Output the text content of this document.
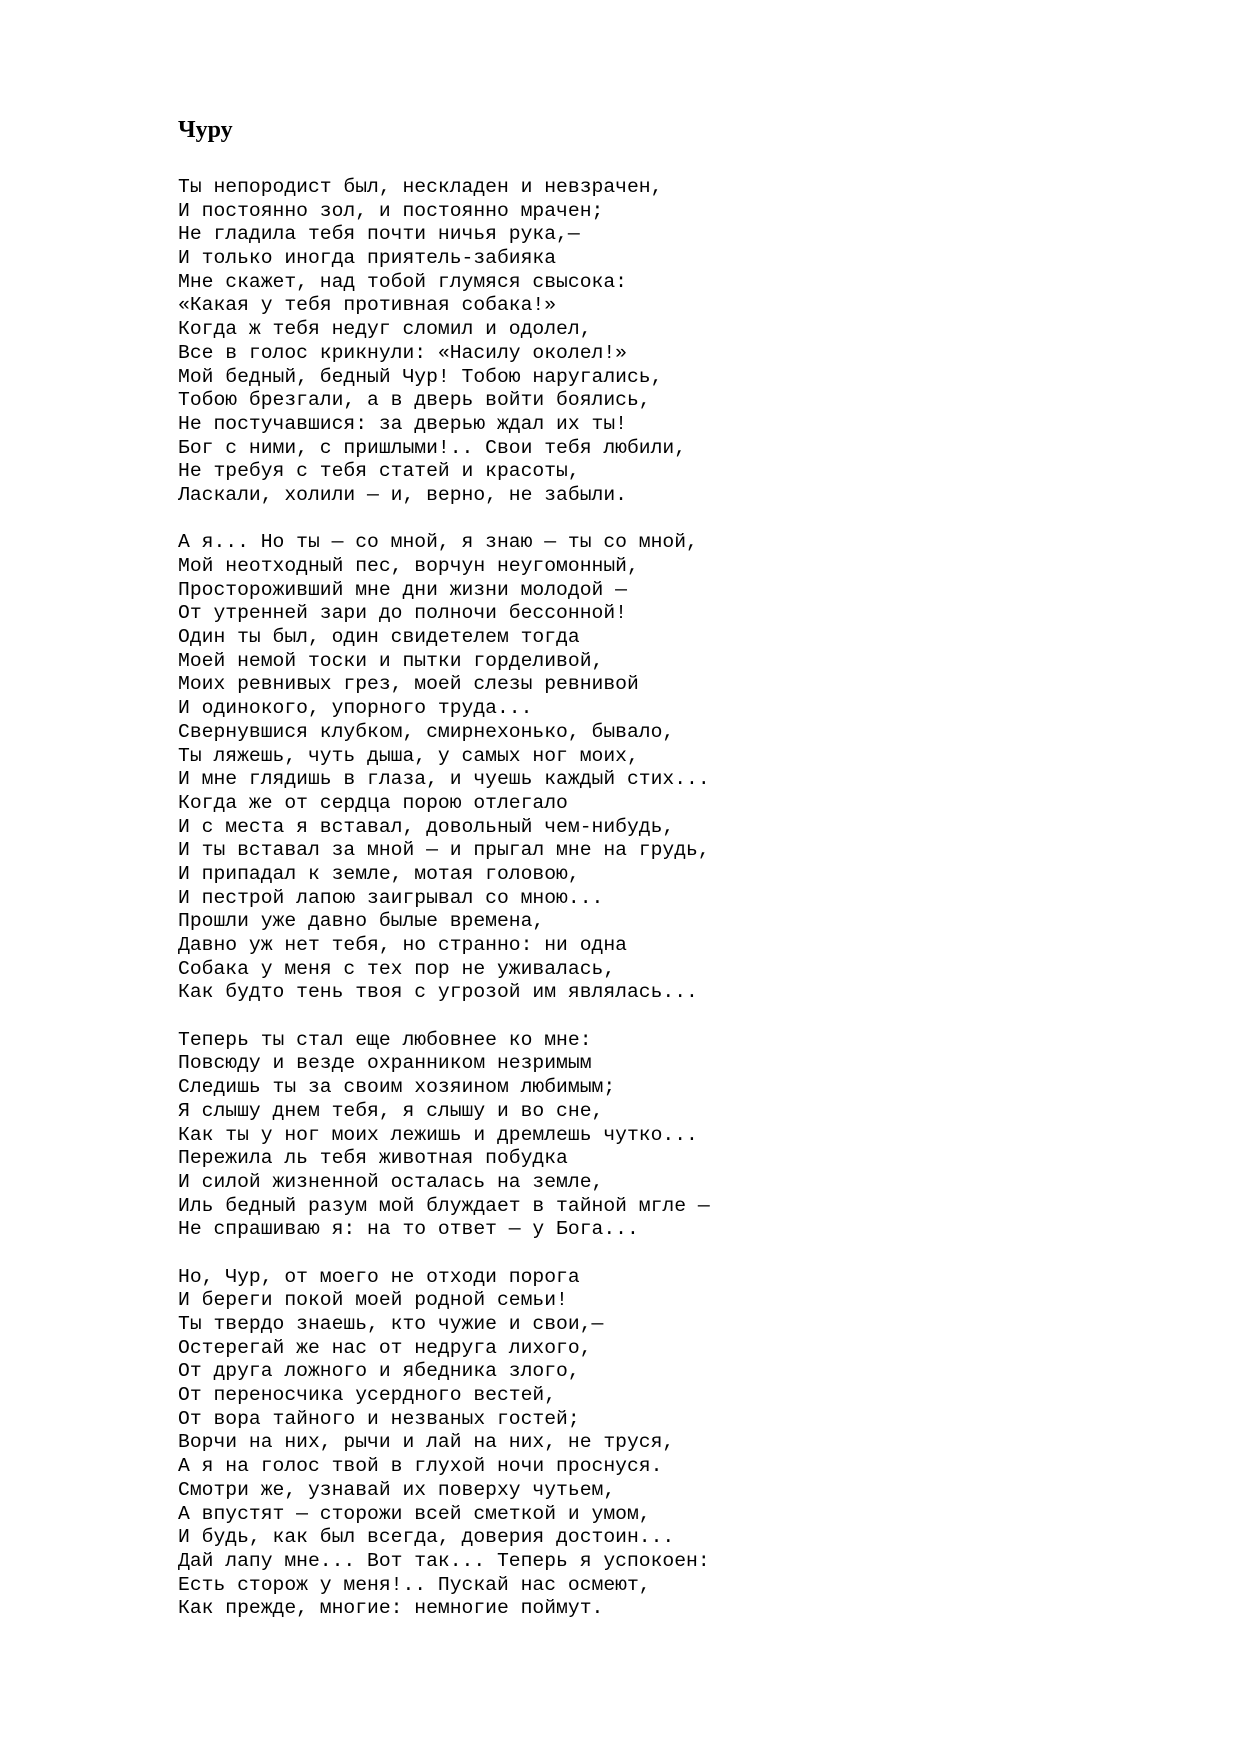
Чуру
Ты непородист был, нескладен и невзрачен,
И постоянно зол, и постоянно мрачен;
Не гладила тебя почти ничья рука,—
И только иногда приятель-забияка
Мне скажет, над тобой глумяся свысока:
«Какая у тебя противная собака!»
Когда ж тебя недуг сломил и одолел,
Все в голос крикнули: «Насилу околел!»
Мой бедный, бедный Чур! Тобою наругались,
Тобою брезгали, а в дверь войти боялись,
Не постучавшися: за дверью ждал их ты!
Бог с ними, с пришлыми!.. Свои тебя любили,
Не требуя с тебя статей и красоты,
Ласкали, холили — и, верно, не забыли.
А я... Но ты — со мной, я знаю — ты со мной,
Мой неотходный пес, ворчун неугомонный,
Простороживший мне дни жизни молодой —
От утренней зари до полночи бессонной!
Один ты был, один свидетелем тогда
Моей немой тоски и пытки горделивой,
Моих ревнивых грез, моей слезы ревнивой
И одинокого, упорного труда...
Свернувшися клубком, смирнехонько, бывало,
Ты ляжешь, чуть дыша, у самых ног моих,
И мне глядишь в глаза, и чуешь каждый стих...
Когда же от сердца порою отлегало
И с места я вставал, довольный чем-нибудь,
И ты вставал за мной — и прыгал мне на грудь,
И припадал к земле, мотая головою,
И пестрой лапою заигрывал со мною...
Прошли уже давно былые времена,
Давно уж нет тебя, но странно: ни одна
Собака у меня с тех пор не уживалась,
Как будто тень твоя с угрозой им являлась...
Теперь ты стал еще любовнее ко мне:
Повсюду и везде охранником незримым
Следишь ты за своим хозяином любимым;
Я слышу днем тебя, я слышу и во сне,
Как ты у ног моих лежишь и дремлешь чутко...
Пережила ль тебя животная побудка
И силой жизненной осталась на земле,
Иль бедный разум мой блуждает в тайной мгле —
Не спрашиваю я: на то ответ — у Бога...
Но, Чур, от моего не отходи порога
И береги покой моей родной семьи!
Ты твердо знаешь, кто чужие и свои,—
Остерегай же нас от недруга лихого,
От друга ложного и ябедника злого,
От переносчика усердного вестей,
От вора тайного и незваных гостей;
Ворчи на них, рычи и лай на них, не труся,
А я на голос твой в глухой ночи проснуся.
Смотри же, узнавай их поверху чутьем,
А впустят — сторожи всей сметкой и умом,
И будь, как был всегда, доверия достоин...
Дай лапу мне... Вот так... Теперь я успокоен:
Есть сторож у меня!.. Пускай нас осмеют,
Как прежде, многие: немногие поймут.
